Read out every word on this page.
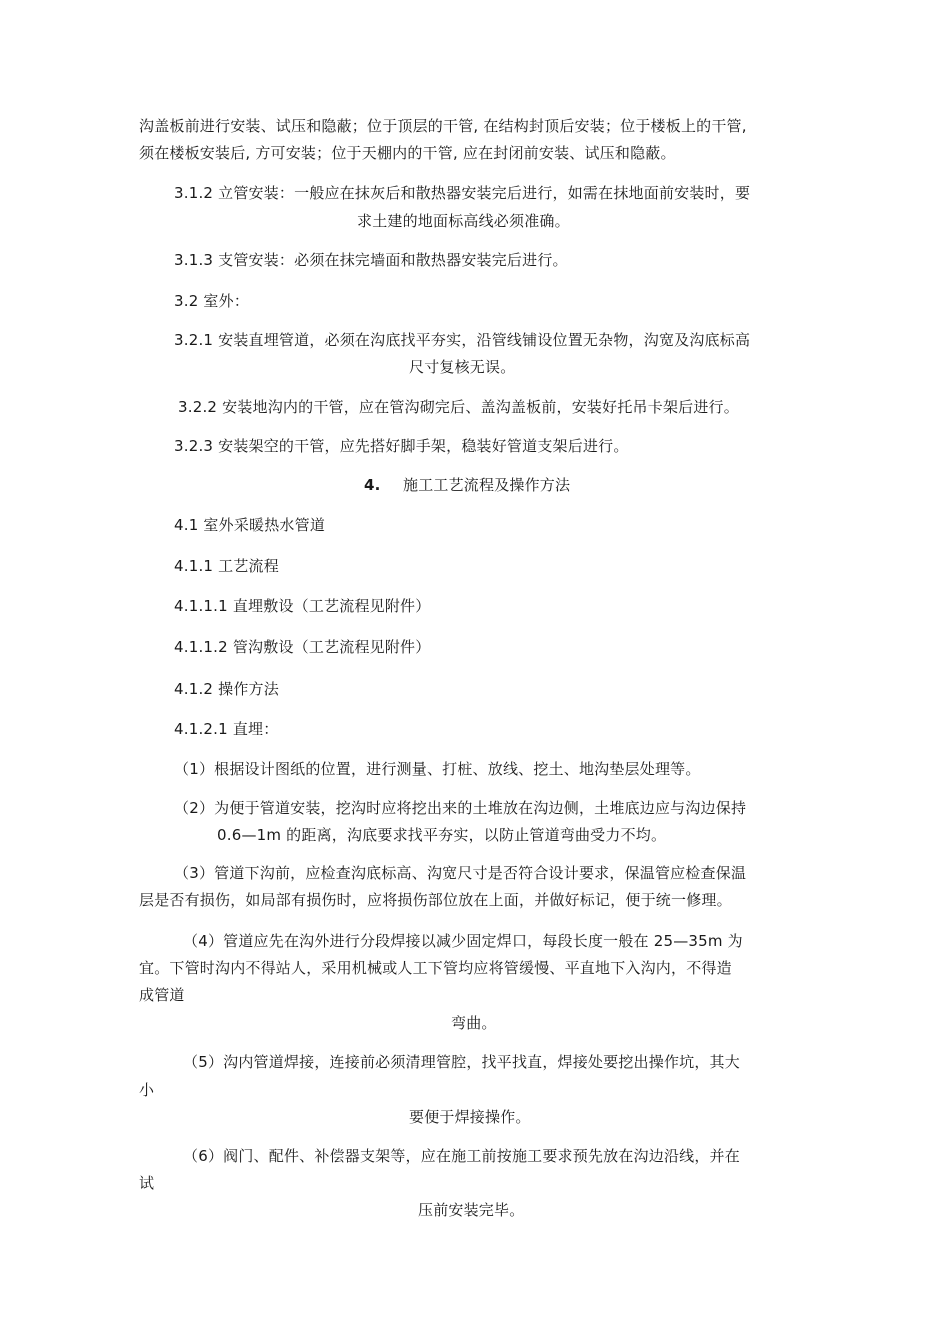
沟盖板前进行安装、试压和隐蔽；位于顶层的干管, 在结构封顶后安装；位于楼板上的干管,
须在楼板安装后, 方可安装；位于天棚内的干管, 应在封闭前安装、试压和隐蔽。
3.1.2 立管安装：一般应在抹灰后和散热器安装完后进行，如需在抹地面前安装时，要
求土建的地面标高线必须准确。
3.1.3 支管安装：必须在抹完墙面和散热器安装完后进行。
3.2 室外：
3.2.1 安装直埋管道，必须在沟底找平夯实，沿管线铺设位置无杂物，沟宽及沟底标高
尺寸复核无误。
3.2.2 安装地沟内的干管，应在管沟砌完后、盖沟盖板前，安装好托吊卡架后进行。
3.2.3 安装架空的干管，应先搭好脚手架，稳装好管道支架后进行。
4. 施工工艺流程及操作方法
4.1 室外采暖热水管道
4.1.1 工艺流程
4.1.1.1 直埋敷设（工艺流程见附件）
4.1.1.2 管沟敷设（工艺流程见附件）
4.1.2 操作方法
4.1.2.1 直埋：
（1）根据设计图纸的位置，进行测量、打桩、放线、挖土、地沟垫层处理等。
（2）为便于管道安装，挖沟时应将挖出来的土堆放在沟边侧，土堆底边应与沟边保持
0.6—1m 的距离，沟底要求找平夯实，以防止管道弯曲受力不均。
（3）管道下沟前，应检查沟底标高、沟宽尺寸是否符合设计要求，保温管应检查保温
层是否有损伤，如局部有损伤时，应将损伤部位放在上面，并做好标记，便于统一修理。
（4）管道应先在沟外进行分段焊接以减少固定焊口，每段长度一般在 25—35m 为
宜。下管时沟内不得站人，采用机械或人工下管均应将管缓慢、平直地下入沟内，不得造
成管道
弯曲。
（5）沟内管道焊接，连接前必须清理管腔，找平找直，焊接处要挖出操作坑，其大
小
要便于焊接操作。
（6）阀门、配件、补偿器支架等，应在施工前按施工要求预先放在沟边沿线，并在
试
压前安装完毕。
